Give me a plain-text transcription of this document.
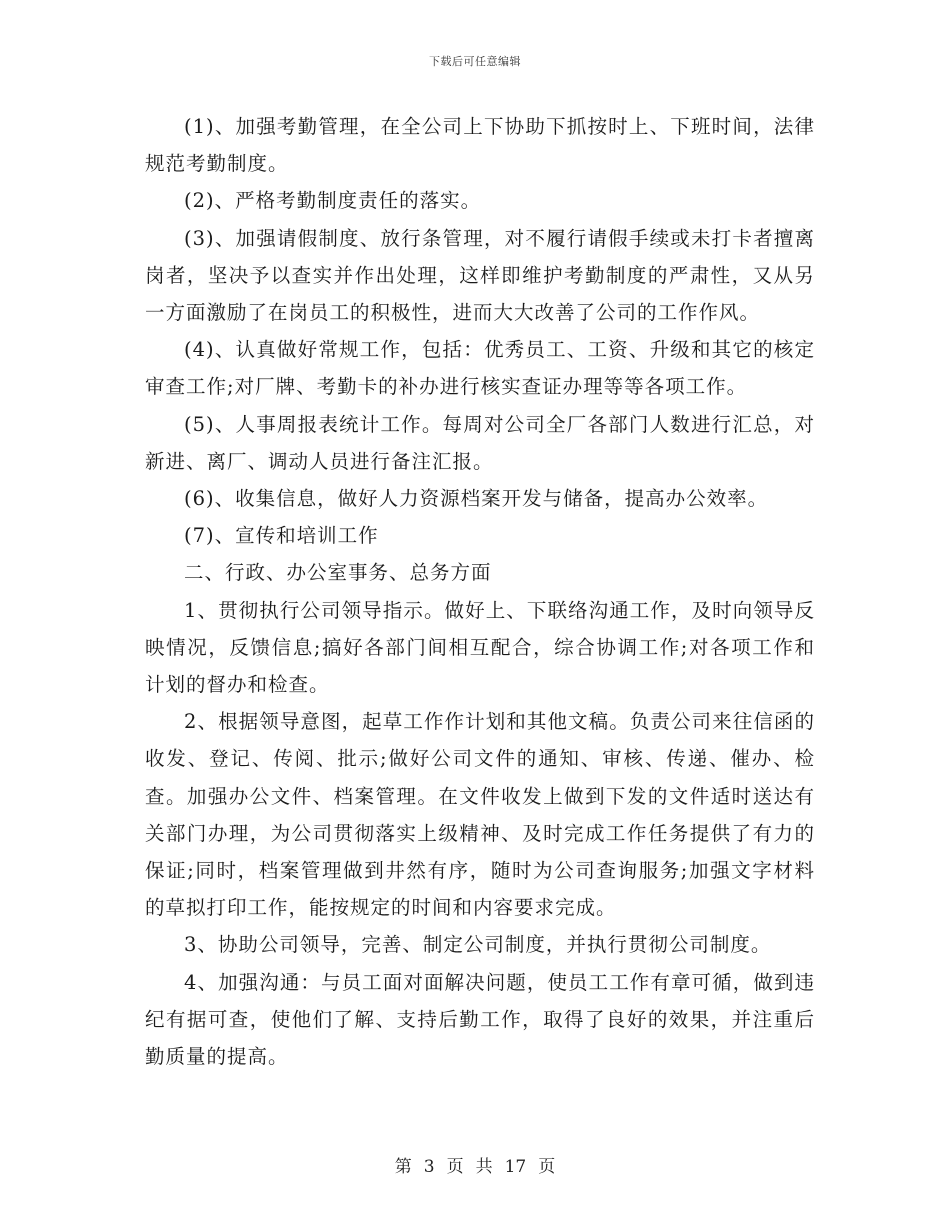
下载后可任意编辑

(1)、加强考勤管理，在全公司上下协助下抓按时上、下班时间，法律规范考勤制度。

(2)、严格考勤制度责任的落实。

(3)、加强请假制度、放行条管理，对不履行请假手续或未打卡者擅离岗者，坚决予以查实并作出处理，这样即维护考勤制度的严肃性，又从另一方面激励了在岗员工的积极性，进而大大改善了公司的工作作风。

(4)、认真做好常规工作，包括：优秀员工、工资、升级和其它的核定审查工作;对厂牌、考勤卡的补办进行核实查证办理等等各项工作。

(5)、人事周报表统计工作。每周对公司全厂各部门人数进行汇总，对新进、离厂、调动人员进行备注汇报。

(6)、收集信息，做好人力资源档案开发与储备，提高办公效率。

(7)、宣传和培训工作

二、行政、办公室事务、总务方面

1、贯彻执行公司领导指示。做好上、下联络沟通工作，及时向领导反映情况，反馈信息;搞好各部门间相互配合，综合协调工作;对各项工作和计划的督办和检查。

2、根据领导意图，起草工作作计划和其他文稿。负责公司来往信函的收发、登记、传阅、批示;做好公司文件的通知、审核、传递、催办、检查。加强办公文件、档案管理。在文件收发上做到下发的文件适时送达有关部门办理，为公司贯彻落实上级精神、及时完成工作任务提供了有力的保证;同时，档案管理做到井然有序，随时为公司查询服务;加强文字材料的草拟打印工作，能按规定的时间和内容要求完成。

3、协助公司领导，完善、制定公司制度，并执行贯彻公司制度。

4、加强沟通：与员工面对面解决问题，使员工工作有章可循，做到违纪有据可查，使他们了解、支持后勤工作，取得了良好的效果，并注重后勤质量的提高。

第 3 页 共 17 页
